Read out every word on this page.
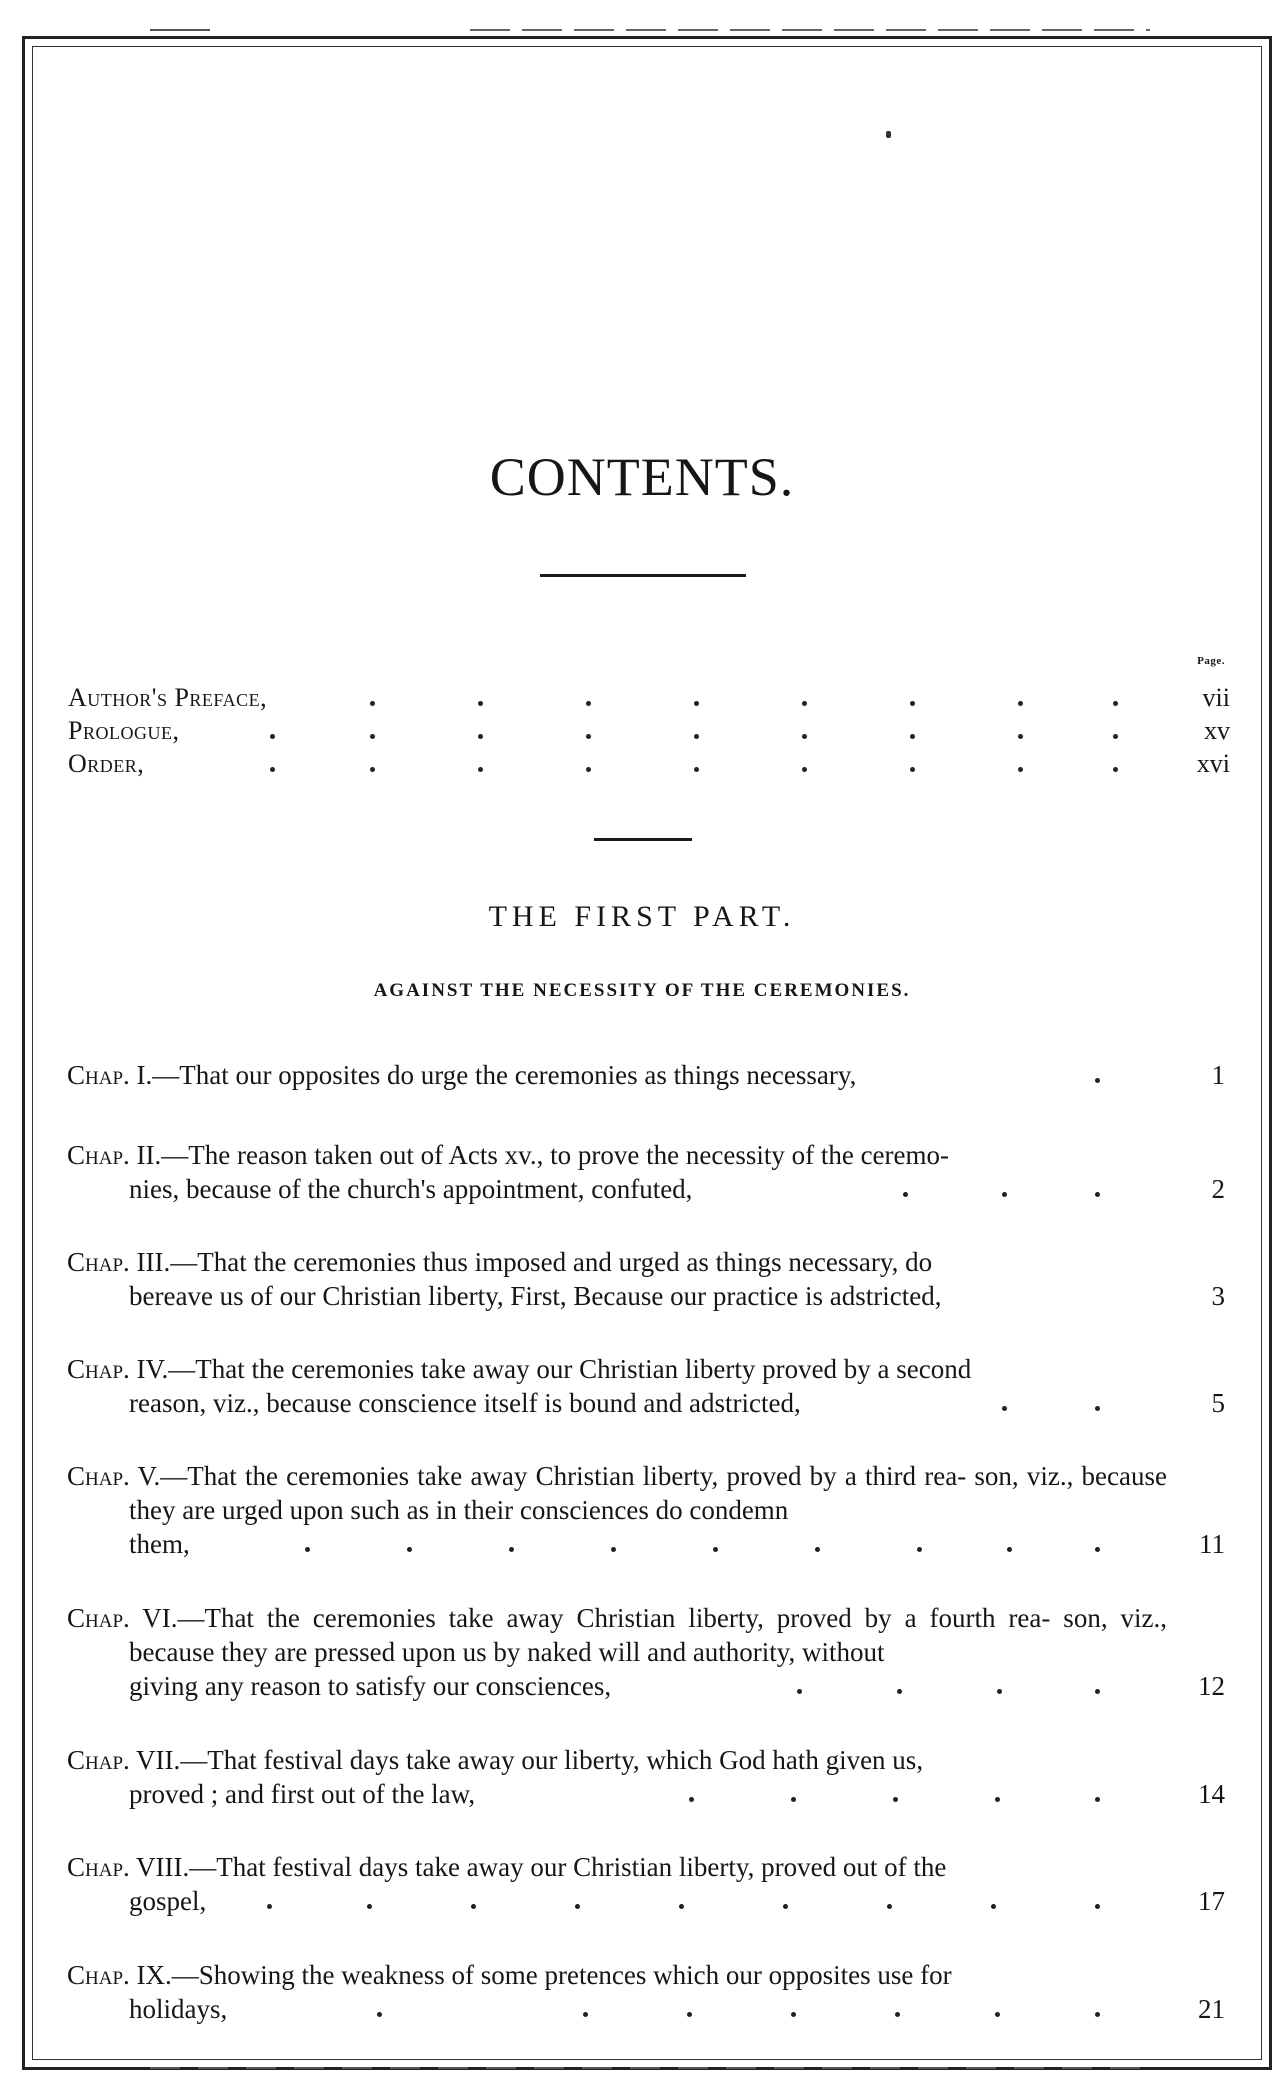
CONTENTS.
Page.
Author's Preface,	vii
Prologue,	xv
Order,	xvi
THE FIRST PART.
AGAINST THE NECESSITY OF THE CEREMONIES.
Chap. I.—That our opposites do urge the ceremonies as things necessary,	1
Chap. II.—The reason taken out of Acts xv., to prove the necessity of the ceremo-
nies, because of the church's appointment, confuted,	2
Chap. III.—That the ceremonies thus imposed and urged as things necessary, do
bereave us of our Christian liberty, First, Because our practice is adstricted,	3
Chap. IV.—That the ceremonies take away our Christian liberty proved by a second
reason, viz., because conscience itself is bound and adstricted,	5
Chap. V.—That the ceremonies take away Christian liberty, proved by a third rea- son, viz., because they are urged upon such as in their consciences do condemn
them,	11
Chap. VI.—That the ceremonies take away Christian liberty, proved by a fourth rea- son, viz., because they are pressed upon us by naked will and authority, without
giving any reason to satisfy our consciences,	12
Chap. VII.—That festival days take away our liberty, which God hath given us,
proved ; and first out of the law,	14
Chap. VIII.—That festival days take away our Christian liberty, proved out of the
gospel,	17
Chap. IX.—Showing the weakness of some pretences which our opposites use for
holidays,	21
